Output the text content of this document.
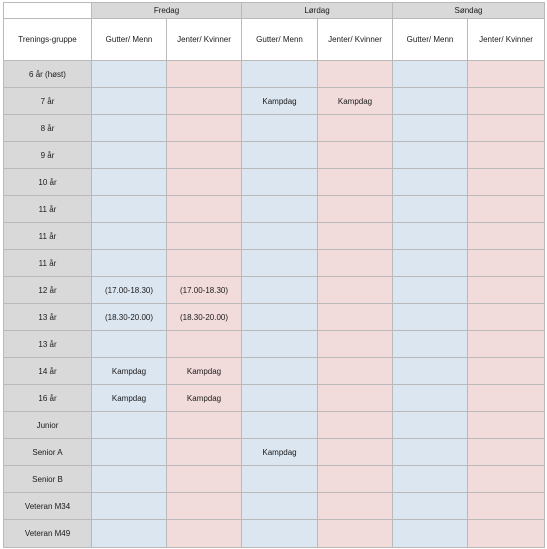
	Fredag		Lørdag		Søndag	
Trenings-gruppe	Gutter/ Menn	Jenter/ Kvinner	Gutter/ Menn	Jenter/ Kvinner	Gutter/ Menn	Jenter/ Kvinner
6 år (høst)						
7 år			Kampdag	Kampdag		
8 år						
9 år						
10 år						
11 år						
11 år						
11 år						
12 år	(17.00-18.30)	(17.00-18.30)				
13 år	(18.30-20.00)	(18.30-20.00)				
13 år						
14 år	Kampdag	Kampdag				
16 år	Kampdag	Kampdag				
Junior						
Senior A			Kampdag			
Senior B						
Veteran M34						
Veteran M49						
